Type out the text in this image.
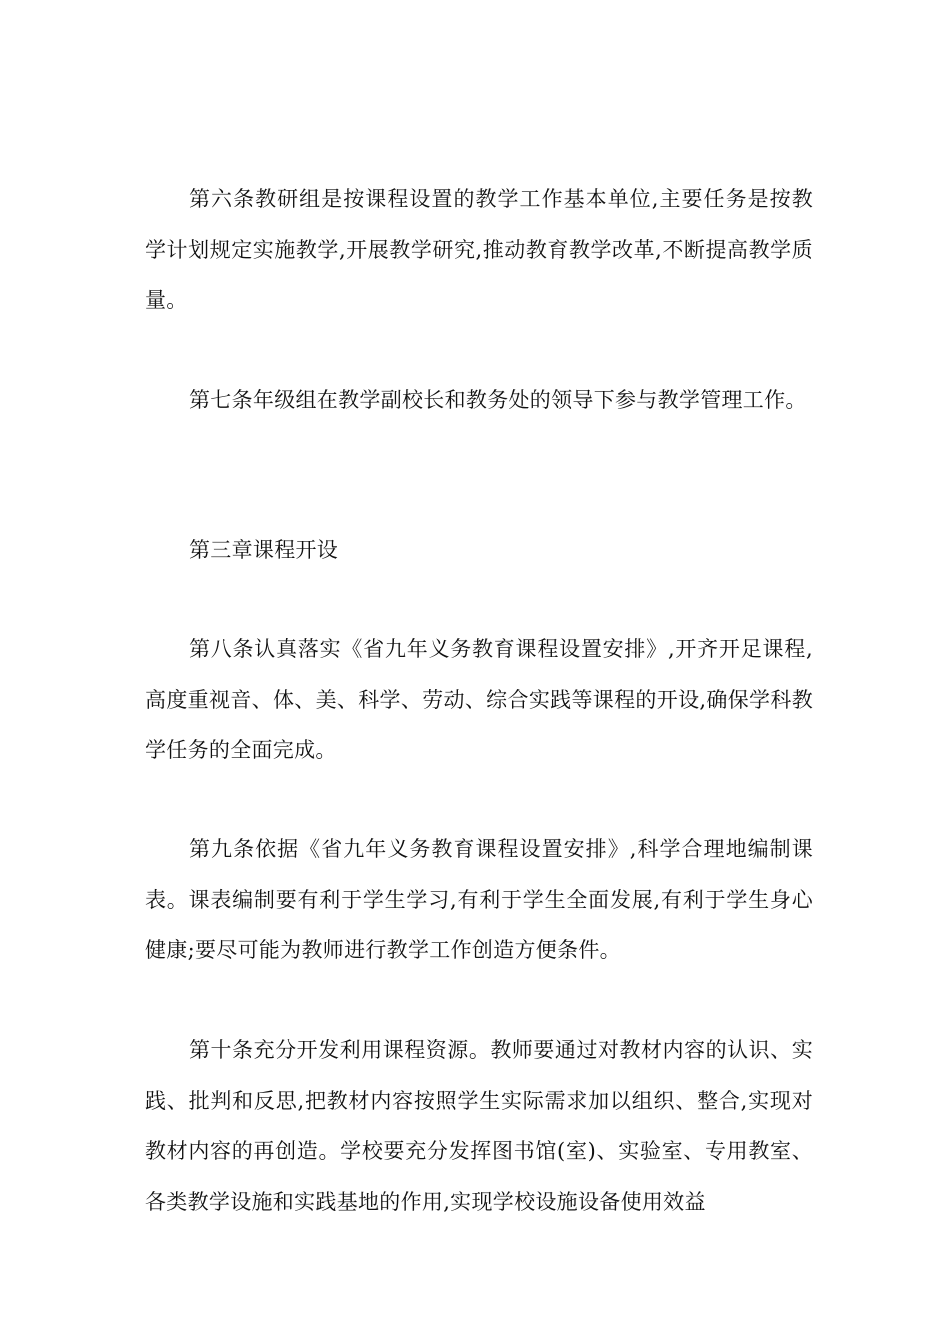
第六条教研组是按课程设置的教学工作基本单位,主要任务是按教学计划规定实施教学,开展教学研究,推动教育教学改革,不断提高教学质量。

第七条年级组在教学副校长和教务处的领导下参与教学管理工作。

第三章课程开设

第八条认真落实《省九年义务教育课程设置安排》,开齐开足课程,高度重视音、体、美、科学、劳动、综合实践等课程的开设,确保学科教学任务的全面完成。

第九条依据《省九年义务教育课程设置安排》,科学合理地编制课表。课表编制要有利于学生学习,有利于学生全面发展,有利于学生身心健康;要尽可能为教师进行教学工作创造方便条件。

第十条充分开发利用课程资源。教师要通过对教材内容的认识、实践、批判和反思,把教材内容按照学生实际需求加以组织、整合,实现对教材内容的再创造。学校要充分发挥图书馆(室)、实验室、专用教室、各类教学设施和实践基地的作用,实现学校设施设备使用效益
